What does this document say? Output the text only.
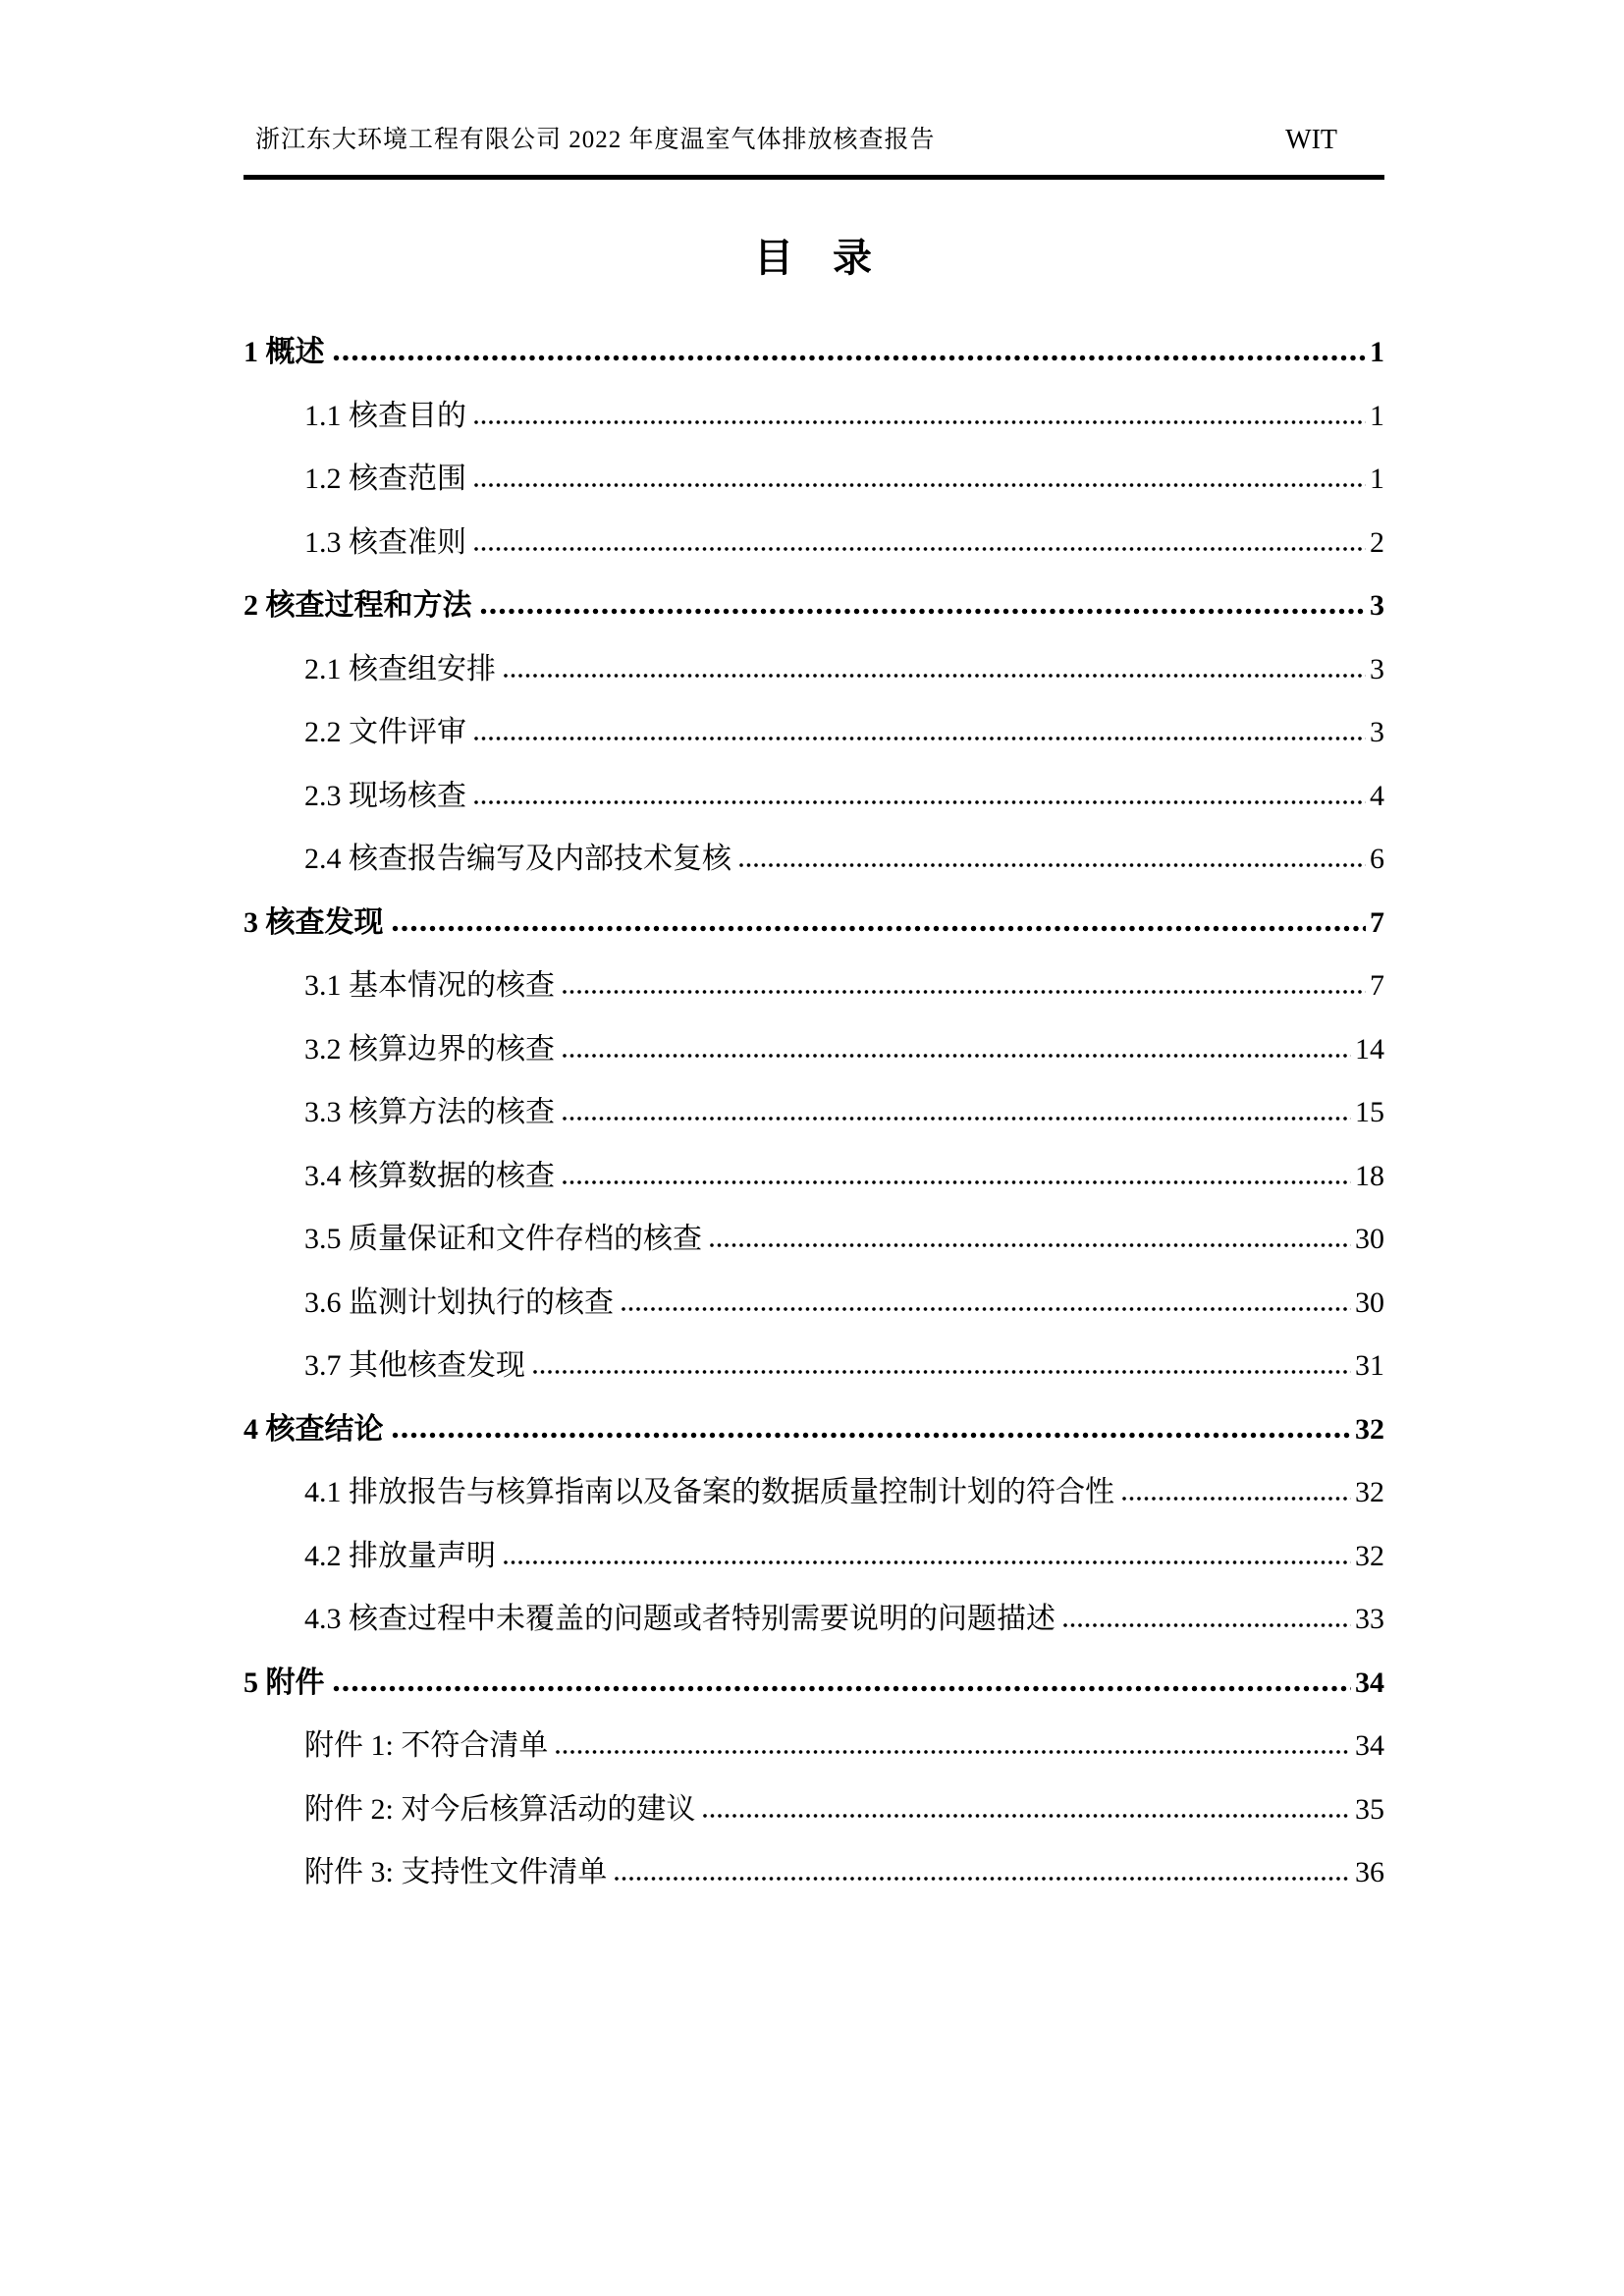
浙江东大环境工程有限公司 2022 年度温室气体排放核查报告	WIT
目 录
1 概述	1
1.1 核查目的	1
1.2 核查范围	1
1.3 核查准则	2
2 核查过程和方法	3
2.1 核查组安排	3
2.2 文件评审	3
2.3 现场核查	4
2.4 核查报告编写及内部技术复核	6
3 核查发现	7
3.1 基本情况的核查	7
3.2 核算边界的核查	14
3.3 核算方法的核查	15
3.4 核算数据的核查	18
3.5 质量保证和文件存档的核查	30
3.6 监测计划执行的核查	30
3.7 其他核查发现	31
4 核查结论	32
4.1 排放报告与核算指南以及备案的数据质量控制计划的符合性	32
4.2 排放量声明	32
4.3 核查过程中未覆盖的问题或者特别需要说明的问题描述	33
5 附件	34
附件 1: 不符合清单	34
附件 2: 对今后核算活动的建议	35
附件 3: 支持性文件清单	36
